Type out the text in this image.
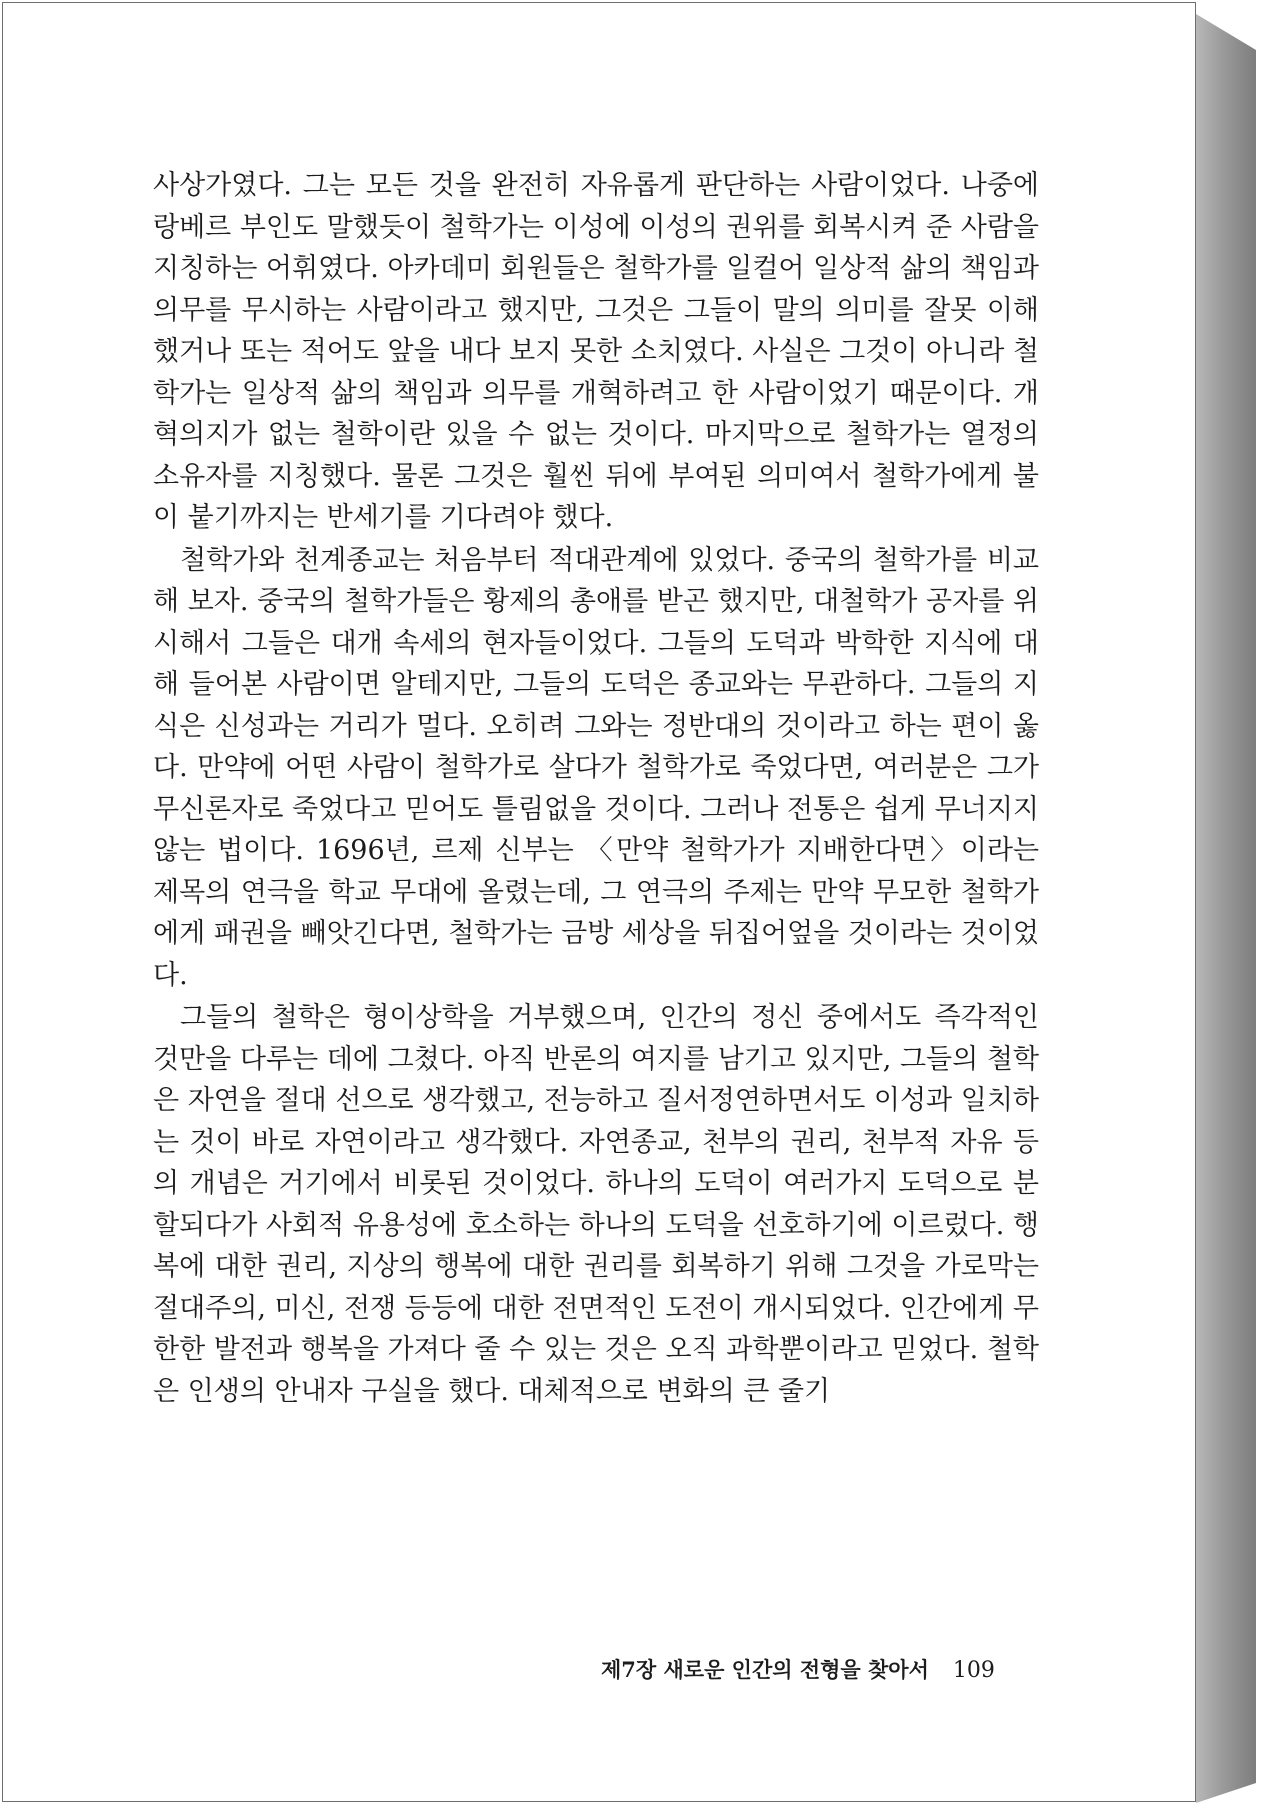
사상가였다. 그는 모든 것을 완전히 자유롭게 판단하는 사람이었다. 나중에 랑베르 부인도 말했듯이 철학가는 이성에 이성의 권위를 회복시켜 준 사람을 지칭하는 어휘였다. 아카데미 회원들은 철학가를 일컬어 일상적 삶의 책임과 의무를 무시하는 사람이라고 했지만, 그것은 그들이 말의 의미를 잘못 이해했거나 또는 적어도 앞을 내다 보지 못한 소치였다. 사실은 그것이 아니라 철학가는 일상적 삶의 책임과 의무를 개혁하려고 한 사람이었기 때문이다. 개혁의지가 없는 철학이란 있을 수 없는 것이다. 마지막으로 철학가는 열정의 소유자를 지칭했다. 물론 그것은 훨씬 뒤에 부여된 의미여서 철학가에게 불이 붙기까지는 반세기를 기다려야 했다.

철학가와 천계종교는 처음부터 적대관계에 있었다. 중국의 철학가를 비교해 보자. 중국의 철학가들은 황제의 총애를 받곤 했지만, 대철학가 공자를 위시해서 그들은 대개 속세의 현자들이었다. 그들의 도덕과 박학한 지식에 대해 들어본 사람이면 알테지만, 그들의 도덕은 종교와는 무관하다. 그들의 지식은 신성과는 거리가 멀다. 오히려 그와는 정반대의 것이라고 하는 편이 옳다. 만약에 어떤 사람이 철학가로 살다가 철학가로 죽었다면, 여러분은 그가 무신론자로 죽었다고 믿어도 틀림없을 것이다. 그러나 전통은 쉽게 무너지지 않는 법이다. 1696년, 르제 신부는 〈만약 철학가가 지배한다면〉이라는 제목의 연극을 학교 무대에 올렸는데, 그 연극의 주제는 만약 무모한 철학가에게 패권을 빼앗긴다면, 철학가는 금방 세상을 뒤집어엎을 것이라는 것이었다.

그들의 철학은 형이상학을 거부했으며, 인간의 정신 중에서도 즉각적인 것만을 다루는 데에 그쳤다. 아직 반론의 여지를 남기고 있지만, 그들의 철학은 자연을 절대 선으로 생각했고, 전능하고 질서정연하면서도 이성과 일치하는 것이 바로 자연이라고 생각했다. 자연종교, 천부의 권리, 천부적 자유 등의 개념은 거기에서 비롯된 것이었다. 하나의 도덕이 여러가지 도덕으로 분할되다가 사회적 유용성에 호소하는 하나의 도덕을 선호하기에 이르렀다. 행복에 대한 권리, 지상의 행복에 대한 권리를 회복하기 위해 그것을 가로막는 절대주의, 미신, 전쟁 등등에 대한 전면적인 도전이 개시되었다. 인간에게 무한한 발전과 행복을 가져다 줄 수 있는 것은 오직 과학뿐이라고 믿었다. 철학은 인생의 안내자 구실을 했다. 대체적으로 변화의 큰 줄기

제7장 새로운 인간의 전형을 찾아서 109
